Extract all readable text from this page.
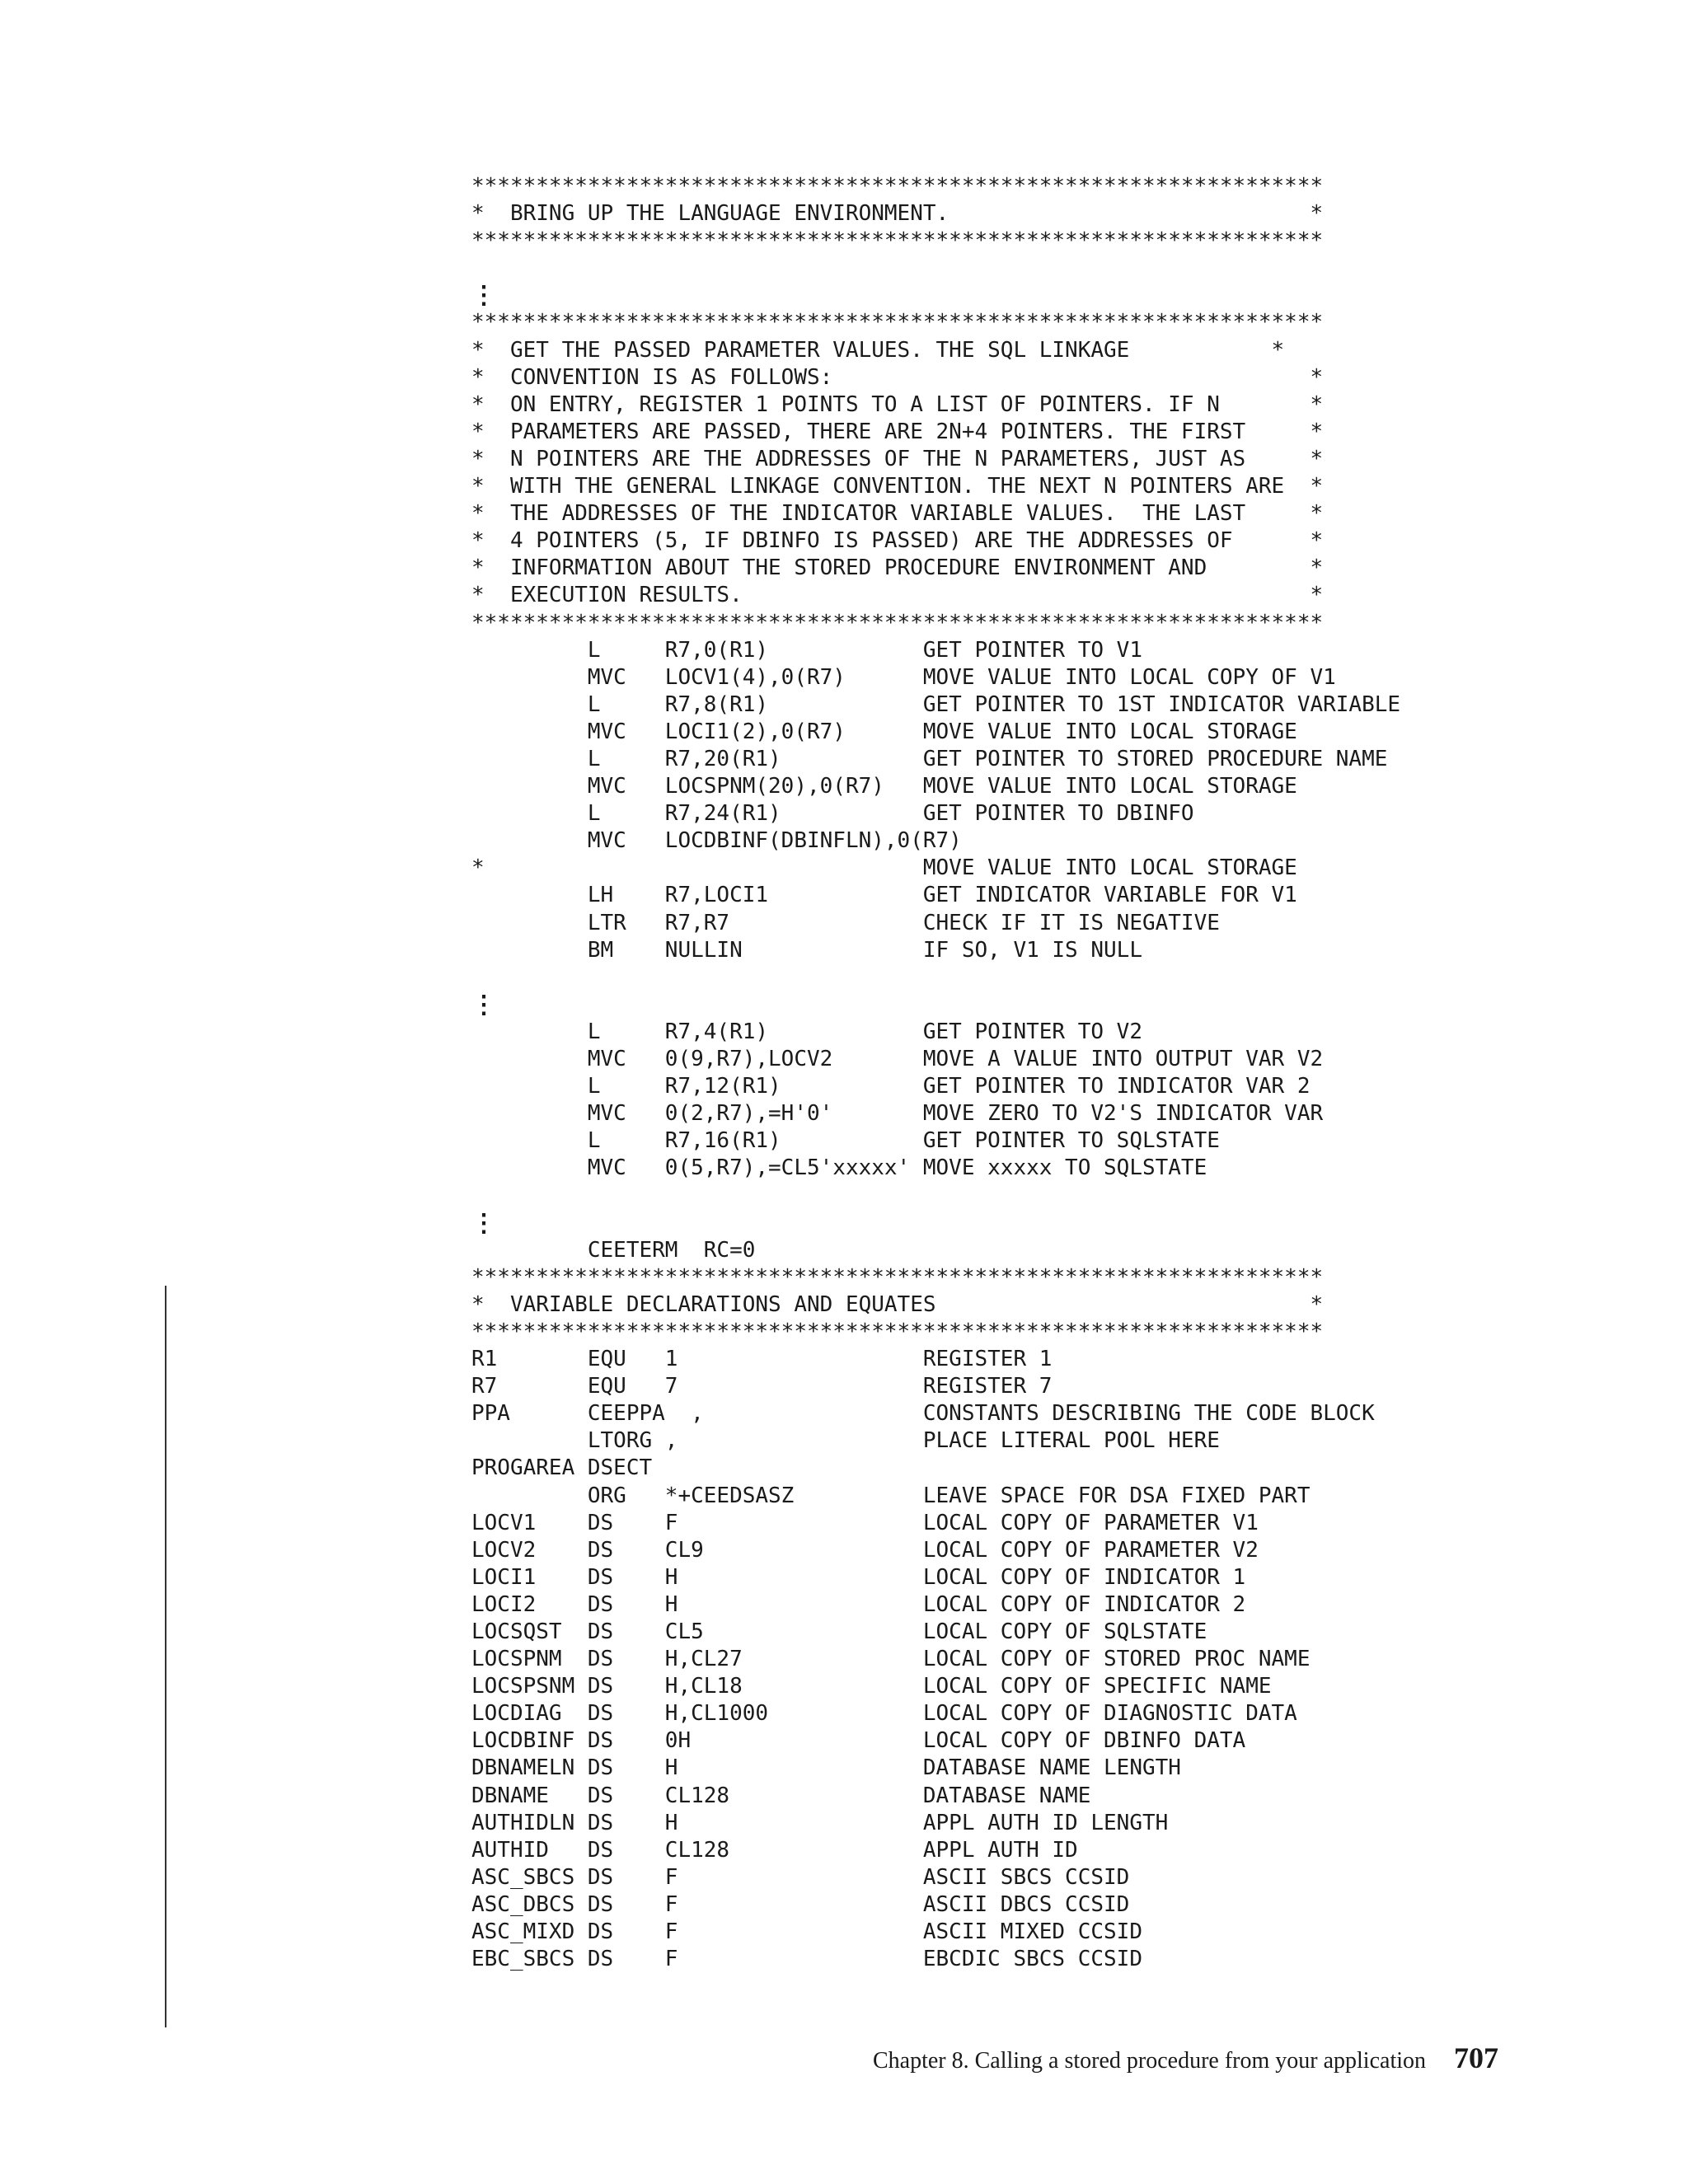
******************************************************************
*  BRING UP THE LANGUAGE ENVIRONMENT.                            *
******************************************************************
⋮
******************************************************************
*  GET THE PASSED PARAMETER VALUES. THE SQL LINKAGE           *
*  CONVENTION IS AS FOLLOWS:                                     *
*  ON ENTRY, REGISTER 1 POINTS TO A LIST OF POINTERS. IF N       *
*  PARAMETERS ARE PASSED, THERE ARE 2N+4 POINTERS. THE FIRST     *
*  N POINTERS ARE THE ADDRESSES OF THE N PARAMETERS, JUST AS     *
*  WITH THE GENERAL LINKAGE CONVENTION. THE NEXT N POINTERS ARE  *
*  THE ADDRESSES OF THE INDICATOR VARIABLE VALUES.  THE LAST     *
*  4 POINTERS (5, IF DBINFO IS PASSED) ARE THE ADDRESSES OF      *
*  INFORMATION ABOUT THE STORED PROCEDURE ENVIRONMENT AND        *
*  EXECUTION RESULTS.                                            *
******************************************************************
L     R7,0(R1)            GET POINTER TO V1
MVC   LOCV1(4),0(R7)      MOVE VALUE INTO LOCAL COPY OF V1
L     R7,8(R1)            GET POINTER TO 1ST INDICATOR VARIABLE
MVC   LOCI1(2),0(R7)      MOVE VALUE INTO LOCAL STORAGE
L     R7,20(R1)           GET POINTER TO STORED PROCEDURE NAME
MVC   LOCSPNM(20),0(R7)   MOVE VALUE INTO LOCAL STORAGE
L     R7,24(R1)           GET POINTER TO DBINFO
MVC   LOCDBINF(DBINFLN),0(R7)
*                                  MOVE VALUE INTO LOCAL STORAGE
LH    R7,LOCI1            GET INDICATOR VARIABLE FOR V1
LTR   R7,R7               CHECK IF IT IS NEGATIVE
BM    NULLIN              IF SO, V1 IS NULL
⋮
L     R7,4(R1)            GET POINTER TO V2
MVC   0(9,R7),LOCV2       MOVE A VALUE INTO OUTPUT VAR V2
L     R7,12(R1)           GET POINTER TO INDICATOR VAR 2
MVC   0(2,R7),=H'0'       MOVE ZERO TO V2'S INDICATOR VAR
L     R7,16(R1)           GET POINTER TO SQLSTATE
MVC   0(5,R7),=CL5'xxxxx' MOVE xxxxx TO SQLSTATE
⋮
CEETERM  RC=0
******************************************************************
*  VARIABLE DECLARATIONS AND EQUATES                             *
******************************************************************
R1       EQU   1                   REGISTER 1
R7       EQU   7                   REGISTER 7
PPA      CEEPPA  ,                 CONSTANTS DESCRIBING THE CODE BLOCK
LTORG ,                   PLACE LITERAL POOL HERE
PROGAREA DSECT
ORG   *+CEEDSASZ          LEAVE SPACE FOR DSA FIXED PART
LOCV1    DS    F                   LOCAL COPY OF PARAMETER V1
LOCV2    DS    CL9                 LOCAL COPY OF PARAMETER V2
LOCI1    DS    H                   LOCAL COPY OF INDICATOR 1
LOCI2    DS    H                   LOCAL COPY OF INDICATOR 2
LOCSQST  DS    CL5                 LOCAL COPY OF SQLSTATE
LOCSPNM  DS    H,CL27              LOCAL COPY OF STORED PROC NAME
LOCSPSNM DS    H,CL18              LOCAL COPY OF SPECIFIC NAME
LOCDIAG  DS    H,CL1000            LOCAL COPY OF DIAGNOSTIC DATA
LOCDBINF DS    0H                  LOCAL COPY OF DBINFO DATA
DBNAMELN DS    H                   DATABASE NAME LENGTH
DBNAME   DS    CL128               DATABASE NAME
AUTHIDLN DS    H                   APPL AUTH ID LENGTH
AUTHID   DS    CL128               APPL AUTH ID
ASC_SBCS DS    F                   ASCII SBCS CCSID
ASC_DBCS DS    F                   ASCII DBCS CCSID
ASC_MIXD DS    F                   ASCII MIXED CCSID
EBC_SBCS DS    F                   EBCDIC SBCS CCSID
Chapter 8. Calling a stored procedure from your application 707
